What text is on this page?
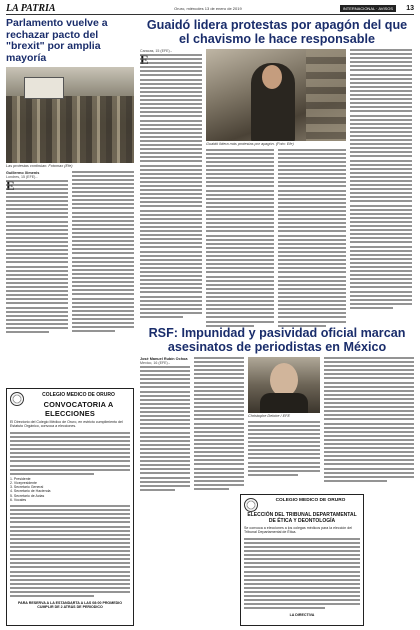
LA PATRIA	Oruro, miércoles 13 de enero de 2019	INTERNACIONAL · AVISOS	13
Parlamento vuelve a rechazar pacto del "brexit" por amplia mayoría
Las protestas continúan. Fotomax (Efe)
Guillermo Ximenis
Londres, 15 (EFE).-
Guaidó lidera protestas por apagón del que el chavismo le hace responsable
Caracas, 15 (EFE).-
Guaidó lidera más protestas por apagón. (Foto: Efe)
RSF: Impunidad y pasividad oficial marcan asesinatos de periodistas en México
José Manuel Rubín Ochoa
Mexico, 16 (EFE).-
Christophe Deloire / EFE
COLEGIO MEDICO DE ORURO
CONVOCATORIA A ELECCIONES
El Directorio del Colegio Médico de Oruro, en estricto cumplimiento del Estatuto Orgánico, convoca a elecciones.
1. Presidente
2. Vicepresidente
3. Secretario General
4. Secretario de Hacienda
5. Secretario de Actas
6. Vocales
PARA RESERVA A LA ESTANDARTA A LAS 08:00 PROMEDIO CUMPLIR DE 2 ATRÁS DE PERIODICO
COLEGIO MEDICO DE ORURO
ELECCIÓN DEL TRIBUNAL DEPARTAMENTAL DE ÉTICA Y DEONTOLOGÍA
Se convoca a elecciones a los colegas médicos para la elección del Tribunal Departamental de Ética.
LA DIRECTIVA
